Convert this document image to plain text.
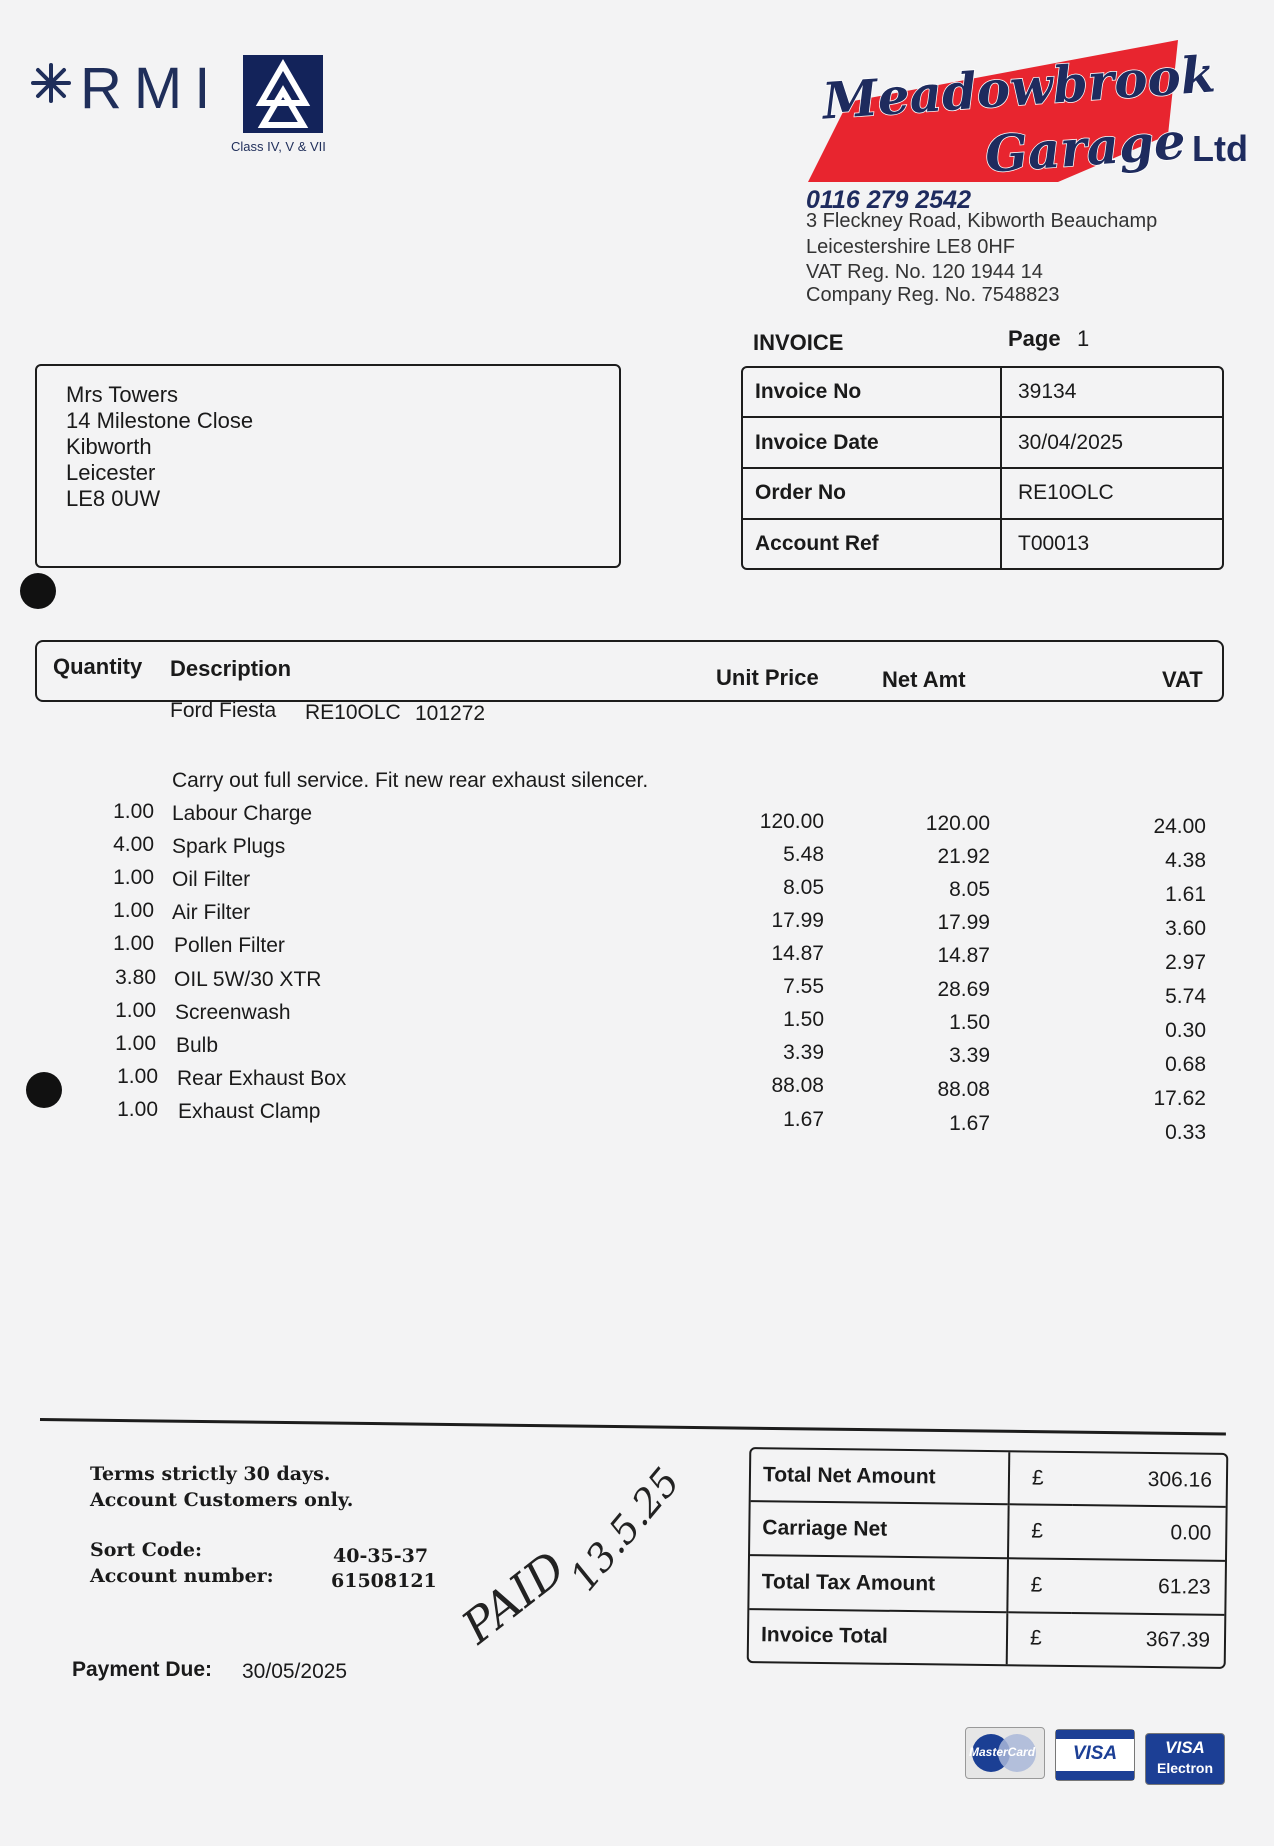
RMI
Class IV, V & VII
Meadowbrook
Garage Ltd
0116 279 2542
3 Fleckney Road, Kibworth Beauchamp
Leicestershire LE8 0HF
VAT Reg. No. 120 1944 14
Company Reg. No. 7548823
INVOICE	Page 1
Mrs Towers
14 Milestone Close
Kibworth
Leicester
LE8 0UW
Invoice No	39134
Invoice Date	30/04/2025
Order No	RE10OLC
Account Ref	T00013
Quantity Description	Unit Price	Net Amt	VAT
Ford Fiesta RE10OLC 101272
Carry out full service. Fit new rear exhaust silencer.
1.00 Labour Charge	120.00	120.00	24.00
4.00 Spark Plugs	5.48	21.92	4.38
1.00 Oil Filter	8.05	8.05	1.61
1.00 Air Filter	17.99	17.99	3.60
1.00 Pollen Filter	14.87	14.87	2.97
3.80 OIL 5W/30 XTR	7.55	28.69	5.74
1.00 Screenwash	1.50	1.50	0.30
1.00 Bulb	3.39	3.39	0.68
1.00 Rear Exhaust Box	88.08	88.08	17.62
1.00 Exhaust Clamp	1.67	1.67	0.33
Terms strictly 30 days.
Account Customers only.
Sort Code:	40-35-37
Account number:	61508121
Payment Due: 30/05/2025
PAID
13.5.25	Total Net Amount	£	306.16
Carriage Net	£	0.00
Total Tax Amount	£	61.23
Invoice Total	£	367.39
MasterCard	VISA	VISA
Electron
